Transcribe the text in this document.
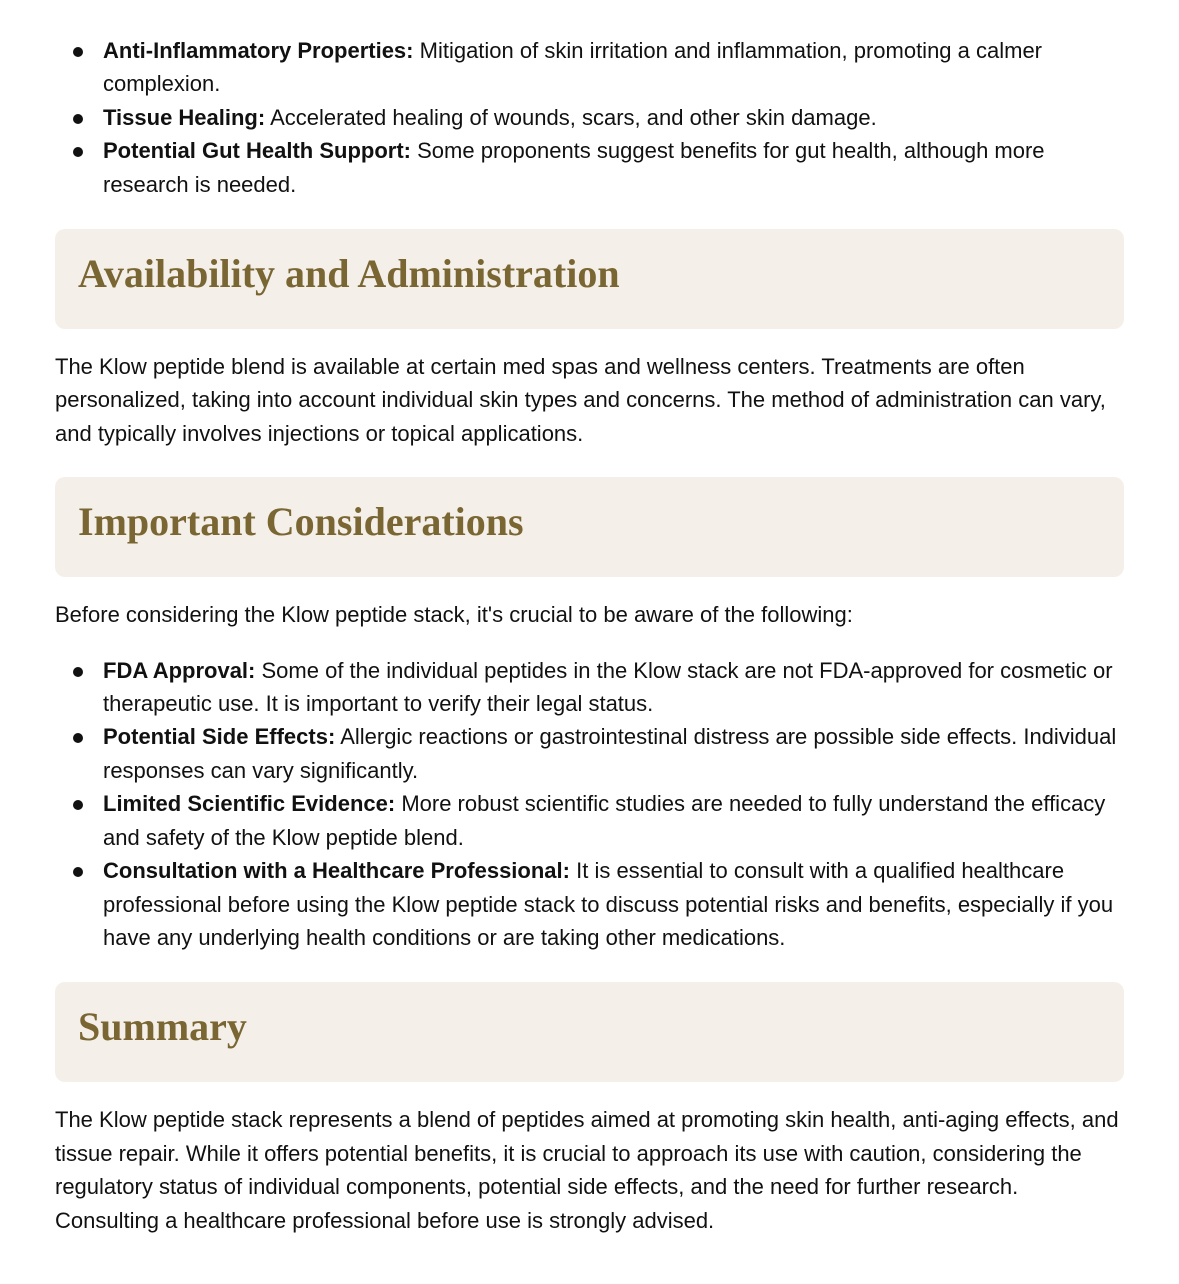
Anti-Inflammatory Properties: Mitigation of skin irritation and inflammation, promoting a calmer complexion.
Tissue Healing: Accelerated healing of wounds, scars, and other skin damage.
Potential Gut Health Support: Some proponents suggest benefits for gut health, although more research is needed.
Availability and Administration

The Klow peptide blend is available at certain med spas and wellness centers. Treatments are often personalized, taking into account individual skin types and concerns. The method of administration can vary, and typically involves injections or topical applications.

Important Considerations

Before considering the Klow peptide stack, it's crucial to be aware of the following:

FDA Approval: Some of the individual peptides in the Klow stack are not FDA-approved for cosmetic or therapeutic use. It is important to verify their legal status.
Potential Side Effects: Allergic reactions or gastrointestinal distress are possible side effects. Individual responses can vary significantly.
Limited Scientific Evidence: More robust scientific studies are needed to fully understand the efficacy and safety of the Klow peptide blend.
Consultation with a Healthcare Professional: It is essential to consult with a qualified healthcare professional before using the Klow peptide stack to discuss potential risks and benefits, especially if you have any underlying health conditions or are taking other medications.
Summary

The Klow peptide stack represents a blend of peptides aimed at promoting skin health, anti-aging effects, and tissue repair. While it offers potential benefits, it is crucial to approach its use with caution, considering the regulatory status of individual components, potential side effects, and the need for further research. Consulting a healthcare professional before use is strongly advised.
